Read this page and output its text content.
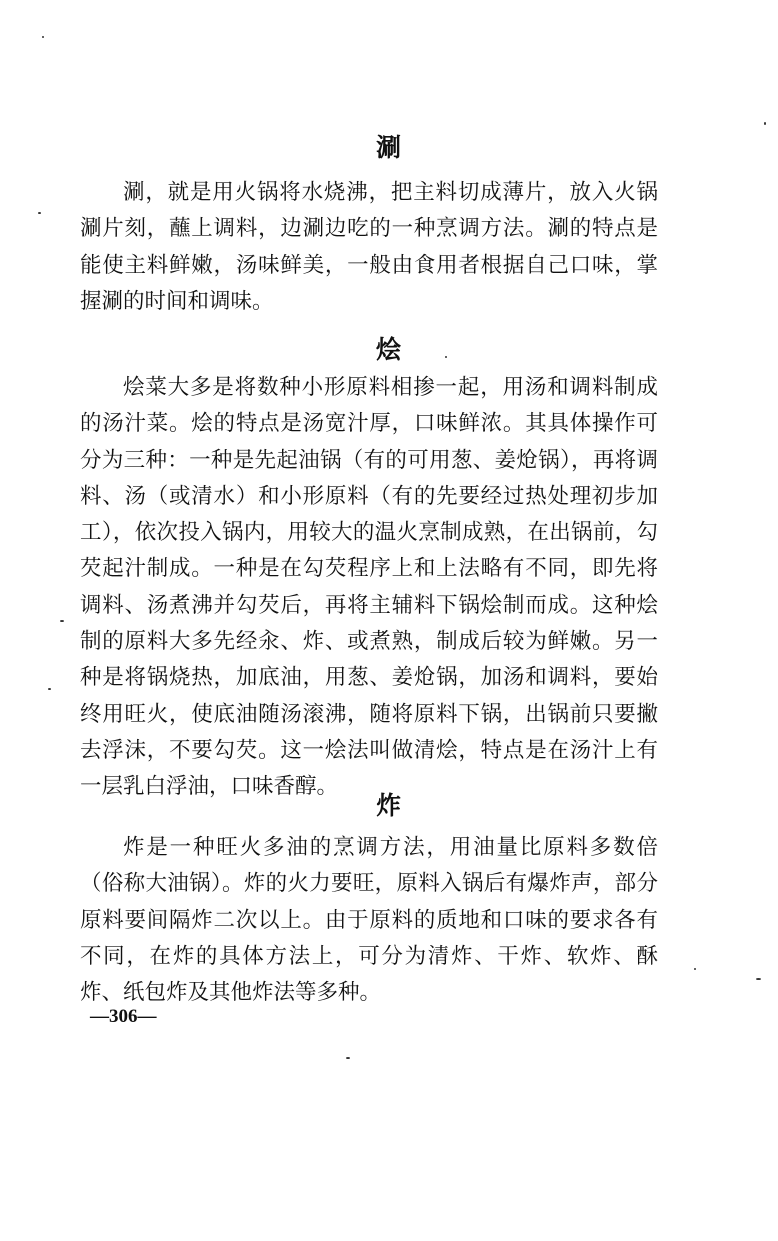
涮

涮，就是用火锅将水烧沸，把主料切成薄片，放入火锅涮片刻，蘸上调料，边涮边吃的一种烹调方法。涮的特点是能使主料鲜嫩，汤味鲜美，一般由食用者根据自己口味，掌握涮的时间和调味。

烩

烩菜大多是将数种小形原料相掺一起，用汤和调料制成的汤汁菜。烩的特点是汤宽汁厚，口味鲜浓。其具体操作可分为三种：一种是先起油锅（有的可用葱、姜炝锅），再将调料、汤（或清水）和小形原料（有的先要经过热处理初步加工），依次投入锅内，用较大的温火烹制成熟，在出锅前，勾芡起汁制成。一种是在勾芡程序上和上法略有不同，即先将调料、汤煮沸并勾芡后，再将主辅料下锅烩制而成。这种烩制的原料大多先经汆、炸、或煮熟，制成后较为鲜嫩。另一种是将锅烧热，加底油，用葱、姜炝锅，加汤和调料，要始终用旺火，使底油随汤滚沸，随将原料下锅，出锅前只要撇去浮沫，不要勾芡。这一烩法叫做清烩，特点是在汤汁上有一层乳白浮油，口味香醇。

炸

炸是一种旺火多油的烹调方法，用油量比原料多数倍（俗称大油锅）。炸的火力要旺，原料入锅后有爆炸声，部分原料要间隔炸二次以上。由于原料的质地和口味的要求各有不同，在炸的具体方法上，可分为清炸、干炸、软炸、酥炸、纸包炸及其他炸法等多种。

—306—
